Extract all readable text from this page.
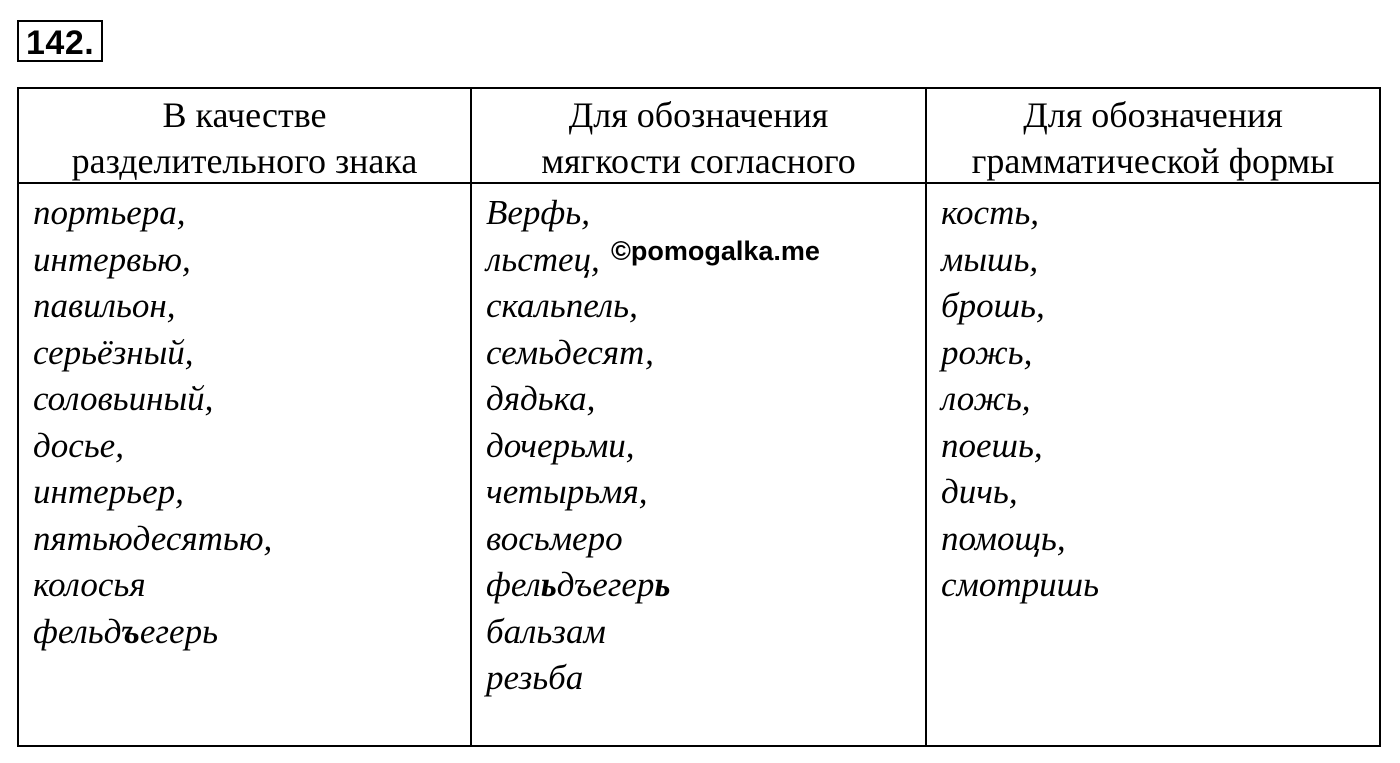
142.
В качестве
разделительного знака
Для обозначения
мягкости согласного
Для обозначения
грамматической формы
портьера,
интервью,
павильон,
серьёзный,
соловьиный,
досье,
интерьер,
пятьюдесятью,
колосья
фельдъегерь
Верфь,
льстец,
скальпель,
семьдесят,
дядька,
дочерьми,
четырьмя,
восьмеро
фельдъегерь
бальзам
резьба
кость,
мышь,
брошь,
рожь,
ложь,
поешь,
дичь,
помощь,
смотришь
©pomogalka.me
